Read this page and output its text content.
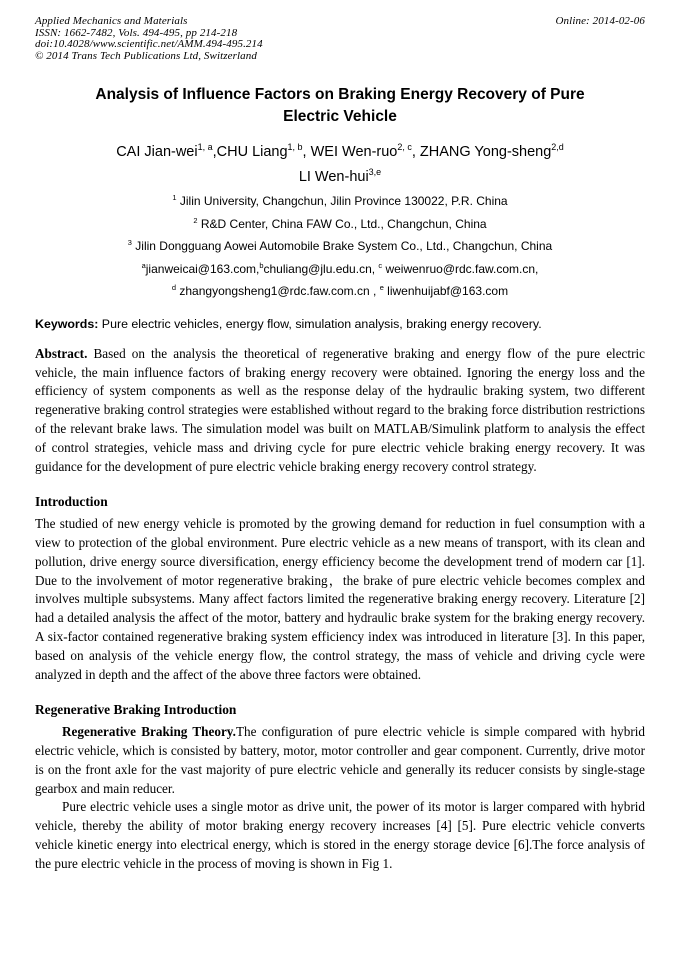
Applied Mechanics and Materials
ISSN: 1662-7482, Vols. 494-495, pp 214-218
doi:10.4028/www.scientific.net/AMM.494-495.214
© 2014 Trans Tech Publications Ltd, Switzerland
Online: 2014-02-06
Analysis of Influence Factors on Braking Energy Recovery of Pure
Electric Vehicle
CAI Jian-wei$^{1, a}$,CHU Liang$^{1, b}$, WEI Wen-ruo$^{2, c}$, ZHANG Yong-sheng$^{2,d}$
LI Wen-hui$^{3,e}$
$^1$ Jilin University, Changchun, Jilin Province 130022, P.R. China
$^2$ R&D Center, China FAW Co., Ltd., Changchun, China
$^3$ Jilin Dongguang Aowei Automobile Brake System Co., Ltd., Changchun, China
$^a$jianweicai@163.com,$^b$chuliang@jlu.edu.cn, $^c$ weiwenruo@rdc.faw.com.cn,
$^d$ zhangyongsheng1@rdc.faw.com.cn , $^e$ liwenhuijabf@163.com
Keywords: Pure electric vehicles, energy flow, simulation analysis, braking energy recovery.

Abstract. Based on the analysis the theoretical of regenerative braking and energy flow of the pure electric vehicle, the main influence factors of braking energy recovery were obtained. Ignoring the energy loss and the efficiency of system components as well as the response delay of the hydraulic braking system, two different regenerative braking control strategies were established without regard to the braking force distribution restrictions of the relevant brake laws. The simulation model was built on MATLAB/Simulink platform to analysis the effect of control strategies, vehicle mass and driving cycle for pure electric vehicle braking energy recovery. It was guidance for the development of pure electric vehicle braking energy recovery control strategy.

Introduction

The studied of new energy vehicle is promoted by the growing demand for reduction in fuel consumption with a view to protection of the global environment. Pure electric vehicle as a new means of transport, with its clean and pollution, drive energy source diversification, energy efficiency become the development trend of modern car [1]. Due to the involvement of motor regenerative braking，the brake of pure electric vehicle becomes complex and involves multiple subsystems. Many affect factors limited the regenerative braking energy recovery. Literature [2] had a detailed analysis the affect of the motor, battery and hydraulic brake system for the braking energy recovery. A six-factor contained regenerative braking system efficiency index was introduced in literature [3]. In this paper, based on analysis of the vehicle energy flow, the control strategy, the mass of vehicle and driving cycle were analyzed in depth and the affect of the above three factors were obtained.

Regenerative Braking Introduction

Regenerative Braking Theory.The configuration of pure electric vehicle is simple compared with hybrid electric vehicle, which is consisted by battery, motor, motor controller and gear component. Currently, drive motor is on the front axle for the vast majority of pure electric vehicle and generally its reducer consists by single-stage gearbox and main reducer.

Pure electric vehicle uses a single motor as drive unit, the power of its motor is larger compared with hybrid vehicle, thereby the ability of motor braking energy recovery increases [4] [5]. Pure electric vehicle converts vehicle kinetic energy into electrical energy, which is stored in the energy storage device [6].The force analysis of the pure electric vehicle in the process of moving is shown in Fig 1.
